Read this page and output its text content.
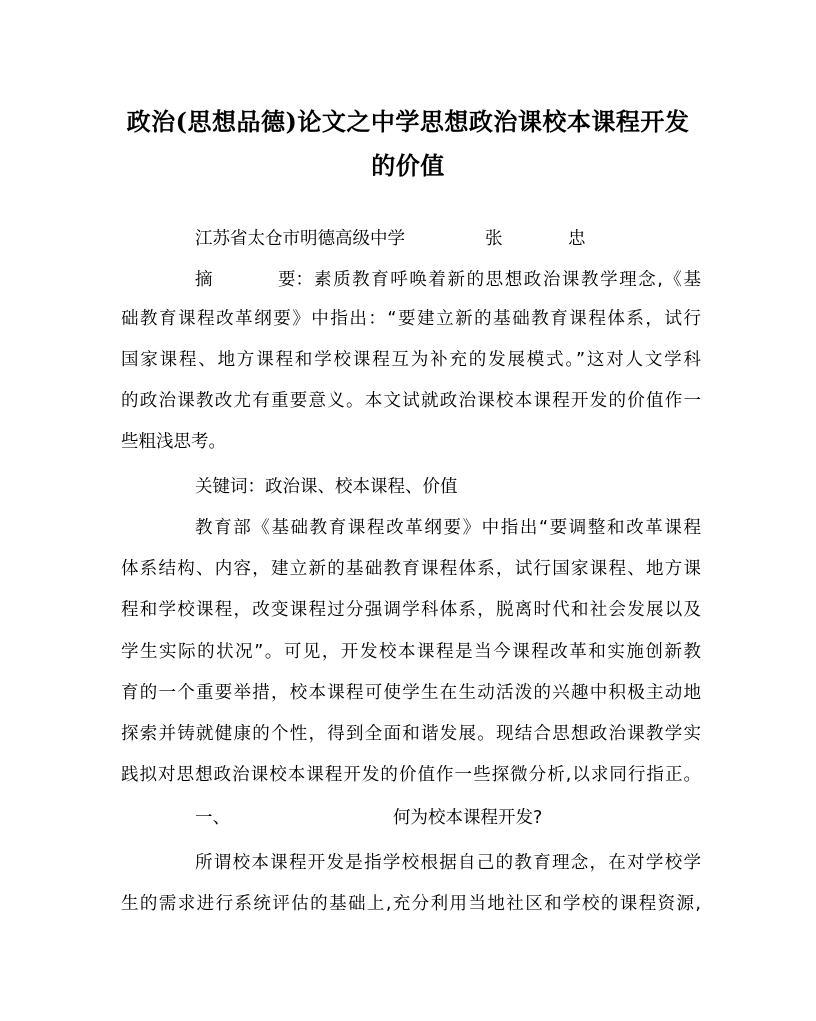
政治(思想品德)论文之中学思想政治课校本课程开发
的价值
江苏省太仓市明德高级中学	张	忠
摘	要： 素质教育呼唤着新的思想政治课教学理念,《基
础教育课程改革纲要》中指出：“要建立新的基础教育课程体系，试行
国家课程、地方课程和学校课程互为补充的发展模式。”这对人文学科
的政治课教改尤有重要意义。本文试就政治课校本课程开发的价值作一
些粗浅思考。
关键词：政治课、校本课程、价值
教育部《基础教育课程改革纲要》中指出“要调整和改革课程
体系结构、内容，建立新的基础教育课程体系，试行国家课程、地方课
程和学校课程，改变课程过分强调学科体系，脱离时代和社会发展以及
学生实际的状况”。可见，开发校本课程是当今课程改革和实施创新教
育的一个重要举措，校本课程可使学生在生动活泼的兴趣中积极主动地
探索并铸就健康的个性，得到全面和谐发展。现结合思想政治课教学实
践拟对思想政治课校本课程开发的价值作一些探微分析,以求同行指正。
一、	何为校本课程开发?
所谓校本课程开发是指学校根据自己的教育理念，在对学校学
生的需求进行系统评估的基础上,充分利用当地社区和学校的课程资源,
